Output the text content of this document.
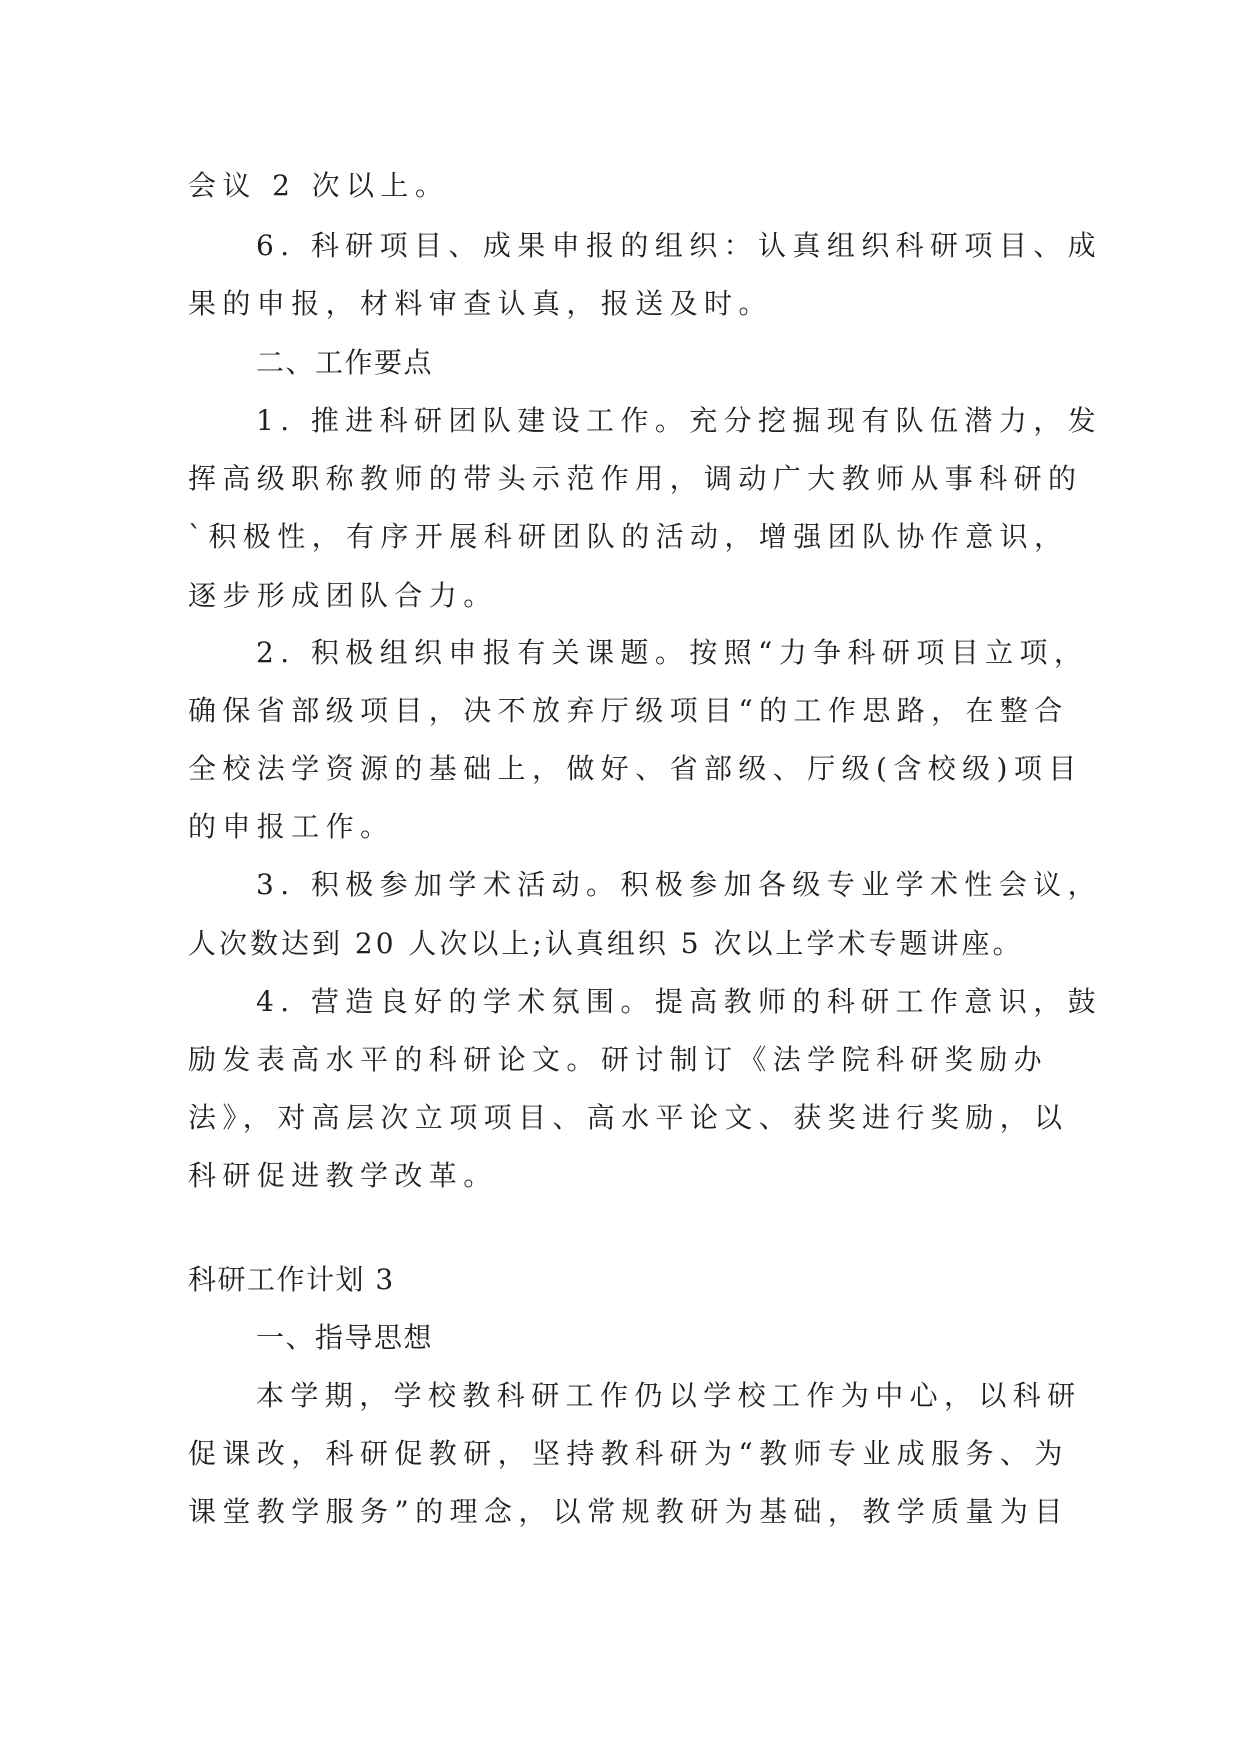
会议 2 次以上。

6. 科研项目、成果申报的组织：认真组织科研项目、成

果的申报，材料审查认真，报送及时。

二、工作要点

1. 推进科研团队建设工作。充分挖掘现有队伍潜力，发

挥高级职称教师的带头示范作用，调动广大教师从事科研的

`积极性，有序开展科研团队的活动，增强团队协作意识，

逐步形成团队合力。

2. 积极组织申报有关课题。按照“力争科研项目立项，

确保省部级项目，决不放弃厅级项目“的工作思路，在整合

全校法学资源的基础上，做好、省部级、厅级(含校级)项目

的申报工作。

3. 积极参加学术活动。积极参加各级专业学术性会议，

人次数达到 20 人次以上;认真组织 5 次以上学术专题讲座。

4. 营造良好的学术氛围。提高教师的科研工作意识，鼓

励发表高水平的科研论文。研讨制订《法学院科研奖励办

法》，对高层次立项项目、高水平论文、获奖进行奖励，以

科研促进教学改革。

科研工作计划 3

一、指导思想

本学期，学校教科研工作仍以学校工作为中心，以科研

促课改，科研促教研，坚持教科研为“教师专业成服务、为

课堂教学服务”的理念，以常规教研为基础，教学质量为目
